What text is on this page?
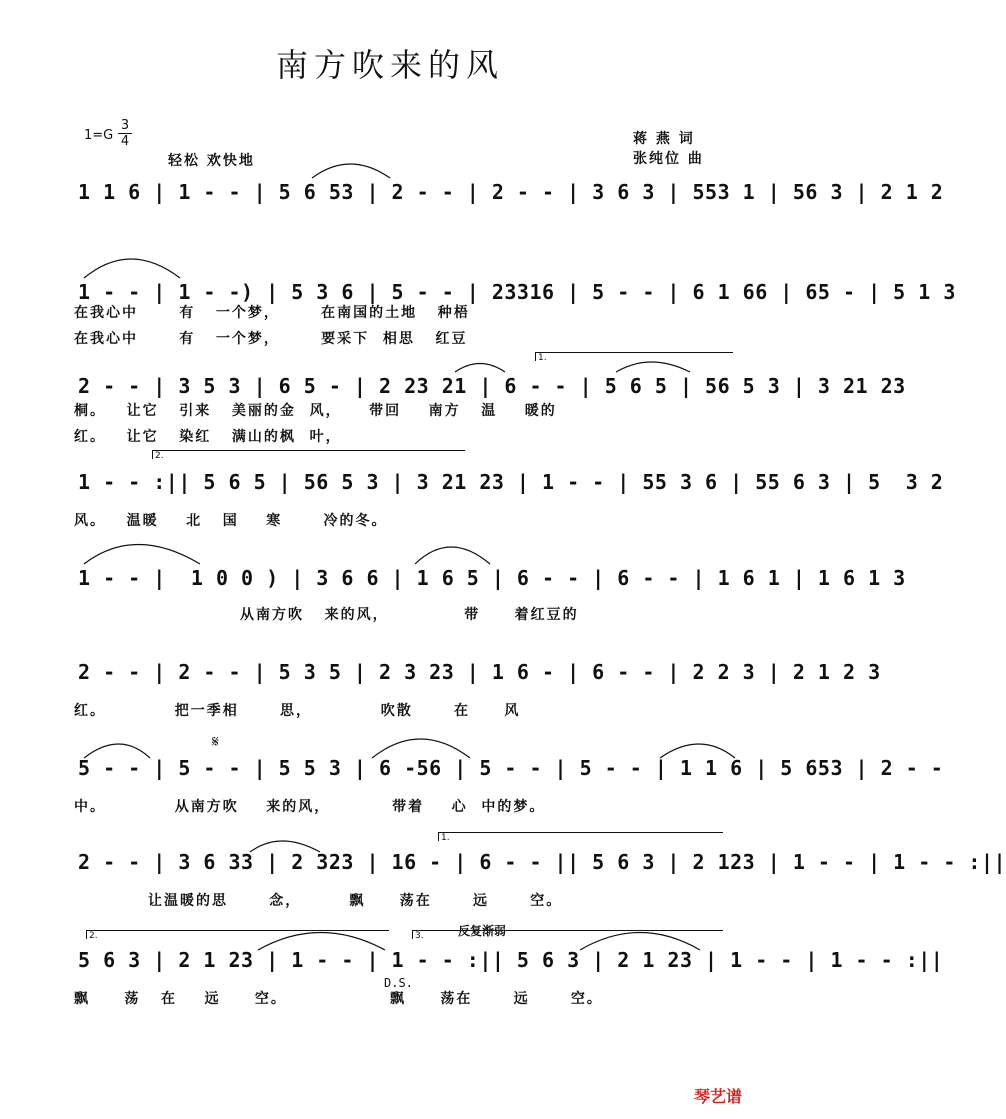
南方吹来的风
1=G
3
4
轻松 欢快地
蒋 燕 词
张纯位 曲
1 1 6 | 1 - - | 5 6 53 | 2 - - | 2 - - | 3 6 3 | 553 1 | 56 3 | 2 1 2
1 - - | 1 - -) | 5 3 6 | 5 - - | 23316 | 5 - - | 6 1 66 | 65 - | 5 1 3
在我心中      有   一个梦，      在南国的土地   种梧
在我心中      有   一个梦，      要采下  相思   红豆
2 - - | 3 5 3 | 6 5 - | 2 23 21 | 6 - - | 5 6 5 | 56 5 3 | 3 21 23
1.
桐。   让它   引来   美丽的金  风，    带回    南方   温    暖的
红。   让它   染红   满山的枫  叶，
1 - - :|| 5 6 5 | 56 5 3 | 3 21 23 | 1 - - | 55 3 6 | 55 6 3 | 5  3 2
2.
风。   温暖    北   国    寒      冷的冬。
1 - - |  1 0 0 ) | 3 6 6 | 1 6 5 | 6 - - | 6 - - | 1 6 1 | 1 6 1 3
从南方吹   来的风，           带     着红豆的
2 - - | 2 - - | 5 3 5 | 2 3 23 | 1 6 - | 6 - - | 2 2 3 | 2 1 2 3
红。          把一季相      思，          吹散      在     风
5 - - | 5 - - | 5 5 3 | 6 -56 | 5 - - | 5 - - | 1 1 6 | 5 653 | 2 - -
𝄋
中。          从南方吹    来的风，         带着    心  中的梦。
2 - - | 3 6 33 | 2 323 | 16 - | 6 - - || 5 6 3 | 2 123 | 1 - - | 1 - - :||
1.
让温暖的思      念，       飘     荡在      远      空。
5 6 3 | 2 1 23 | 1 - - | 1 - - :|| 5 6 3 | 2 1 23 | 1 - - | 1 - - :||
2.	3.	反复渐弱
D.S.
飘     荡   在    远     空。               飘     荡在      远      空。
琴艺谱
